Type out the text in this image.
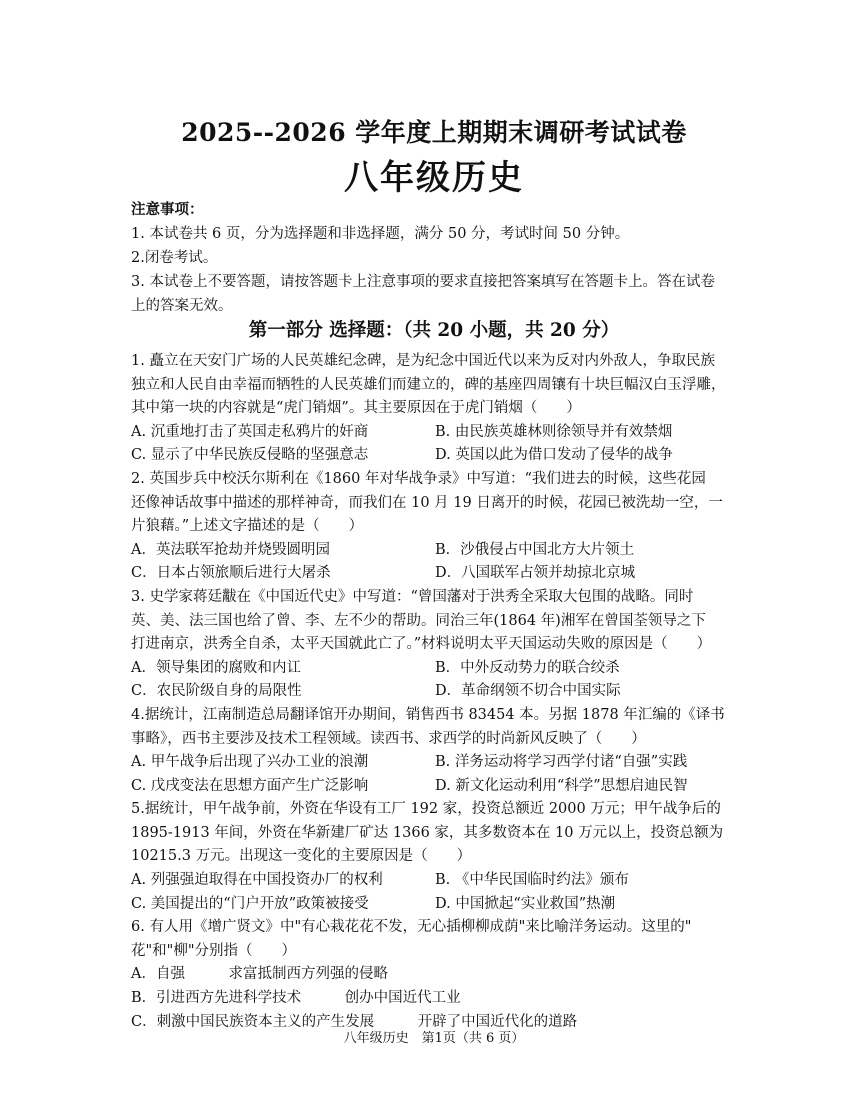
2025--2026 学年度上期期末调研考试试卷
八年级历史
注意事项：
1. 本试卷共 6 页，分为选择题和非选择题，满分 50 分，考试时间 50 分钟。
2.闭卷考试。
3. 本试卷上不要答题，请按答题卡上注意事项的要求直接把答案填写在答题卡上。答在试卷
上的答案无效。
第一部分 选择题：（共 20 小题，共 20 分）
1. 矗立在天安门广场的人民英雄纪念碑，是为纪念中国近代以来为反对内外敌人，争取民族
独立和人民自由幸福而牺牲的人民英雄们而建立的，碑的基座四周镶有十块巨幅汉白玉浮雕，
其中第一块的内容就是“虎门销烟”。其主要原因在于虎门销烟（　　）
A. 沉重地打击了英国走私鸦片的奸商	B. 由民族英雄林则徐领导并有效禁烟
C. 显示了中华民族反侵略的坚强意志	D. 英国以此为借口发动了侵华的战争
2. 英国步兵中校沃尔斯利在《1860 年对华战争录》中写道：“我们进去的时候，这些花园
还像神话故事中描述的那样神奇，而我们在 10 月 19 日离开的时候，花园已被洗劫一空，一
片狼藉。”上述文字描述的是（　　）
A．英法联军抢劫并烧毁圆明园	B．沙俄侵占中国北方大片领土
C．日本占领旅顺后进行大屠杀	D．八国联军占领并劫掠北京城
3. 史学家蒋廷黻在《中国近代史》中写道：“曾国藩对于洪秀全采取大包围的战略。同时
英、美、法三国也给了曾、李、左不少的帮助。同治三年(1864 年)湘军在曾国荃领导之下
打进南京，洪秀全自杀，太平天国就此亡了。”材料说明太平天国运动失败的原因是（　　）
A．领导集团的腐败和内讧	B．中外反动势力的联合绞杀
C．农民阶级自身的局限性	D．革命纲领不切合中国实际
4.据统计，江南制造总局翻译馆开办期间，销售西书 83454 本。另据 1878 年汇编的《译书
事略》，西书主要涉及技术工程领域。读西书、求西学的时尚新风反映了（　　）
A. 甲午战争后出现了兴办工业的浪潮	B. 洋务运动将学习西学付诸“自强”实践
C. 戊戌变法在思想方面产生广泛影响	D. 新文化运动利用“科学”思想启迪民智
5.据统计，甲午战争前，外资在华设有工厂 192 家，投资总额近 2000 万元；甲午战争后的
1895-1913 年间，外资在华新建厂矿达 1366 家，其多数资本在 10 万元以上，投资总额为
10215.3 万元。出现这一变化的主要原因是（　　）
A. 列强强迫取得在中国投资办厂的权利	B. 《中华民国临时约法》颁布
C. 美国提出的“门户开放”政策被接受	D. 中国掀起“实业救国”热潮
6. 有人用《增广贤文》中"有心栽花花不发，无心插柳柳成荫"来比喻洋务运动。这里的"
花"和"柳"分别指（　　）
A．自强　　　求富抵制西方列强的侵略
B．引进西方先进科学技术　　　创办中国近代工业
C．刺激中国民族资本主义的产生发展　　　开辟了中国近代化的道路
八年级历史　第1页（共 6 页）
